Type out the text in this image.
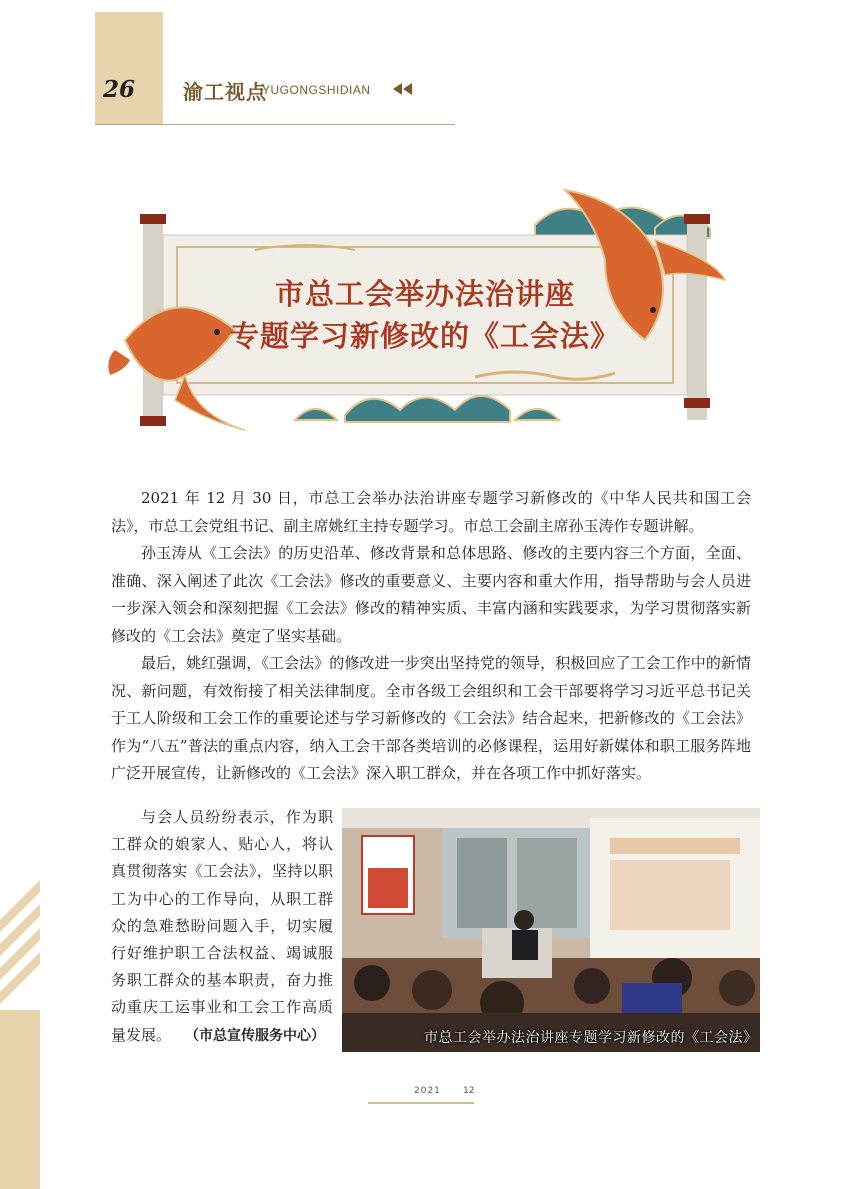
26 渝工视点
YUGONGSHIDIAN
市总工会举办法治讲座
专题学习新修改的《工会法》

2021 年 12 月 30 日，市总工会举办法治讲座专题学习新修改的《中华人民共和国工会法》，市总工会党组书记、副主席姚红主持专题学习。市总工会副主席孙玉涛作专题讲解。

孙玉涛从《工会法》的历史沿革、修改背景和总体思路、修改的主要内容三个方面，全面、准确、深入阐述了此次《工会法》修改的重要意义、主要内容和重大作用，指导帮助与会人员进一步深入领会和深刻把握《工会法》修改的精神实质、丰富内涵和实践要求，为学习贯彻落实新修改的《工会法》奠定了坚实基础。

最后，姚红强调，《工会法》的修改进一步突出坚持党的领导，积极回应了工会工作中的新情况、新问题，有效衔接了相关法律制度。全市各级工会组织和工会干部要将学习习近平总书记关于工人阶级和工会工作的重要论述与学习新修改的《工会法》结合起来，把新修改的《工会法》作为“八五”普法的重点内容，纳入工会干部各类培训的必修课程，运用好新媒体和职工服务阵地广泛开展宣传，让新修改的《工会法》深入职工群众，并在各项工作中抓好落实。

与会人员纷纷表示，作为职工群众的娘家人、贴心人，将认真贯彻落实《工会法》，坚持以职工为中心的工作导向，从职工群众的急难愁盼问题入手，切实履行好维护职工合法权益、竭诚服务职工群众的基本职责，奋力推动重庆工运事业和工会工作高质量发展。 （市总宣传服务中心）	市总工会举办法治讲座专题学习新修改的《工会法》
2021 12
